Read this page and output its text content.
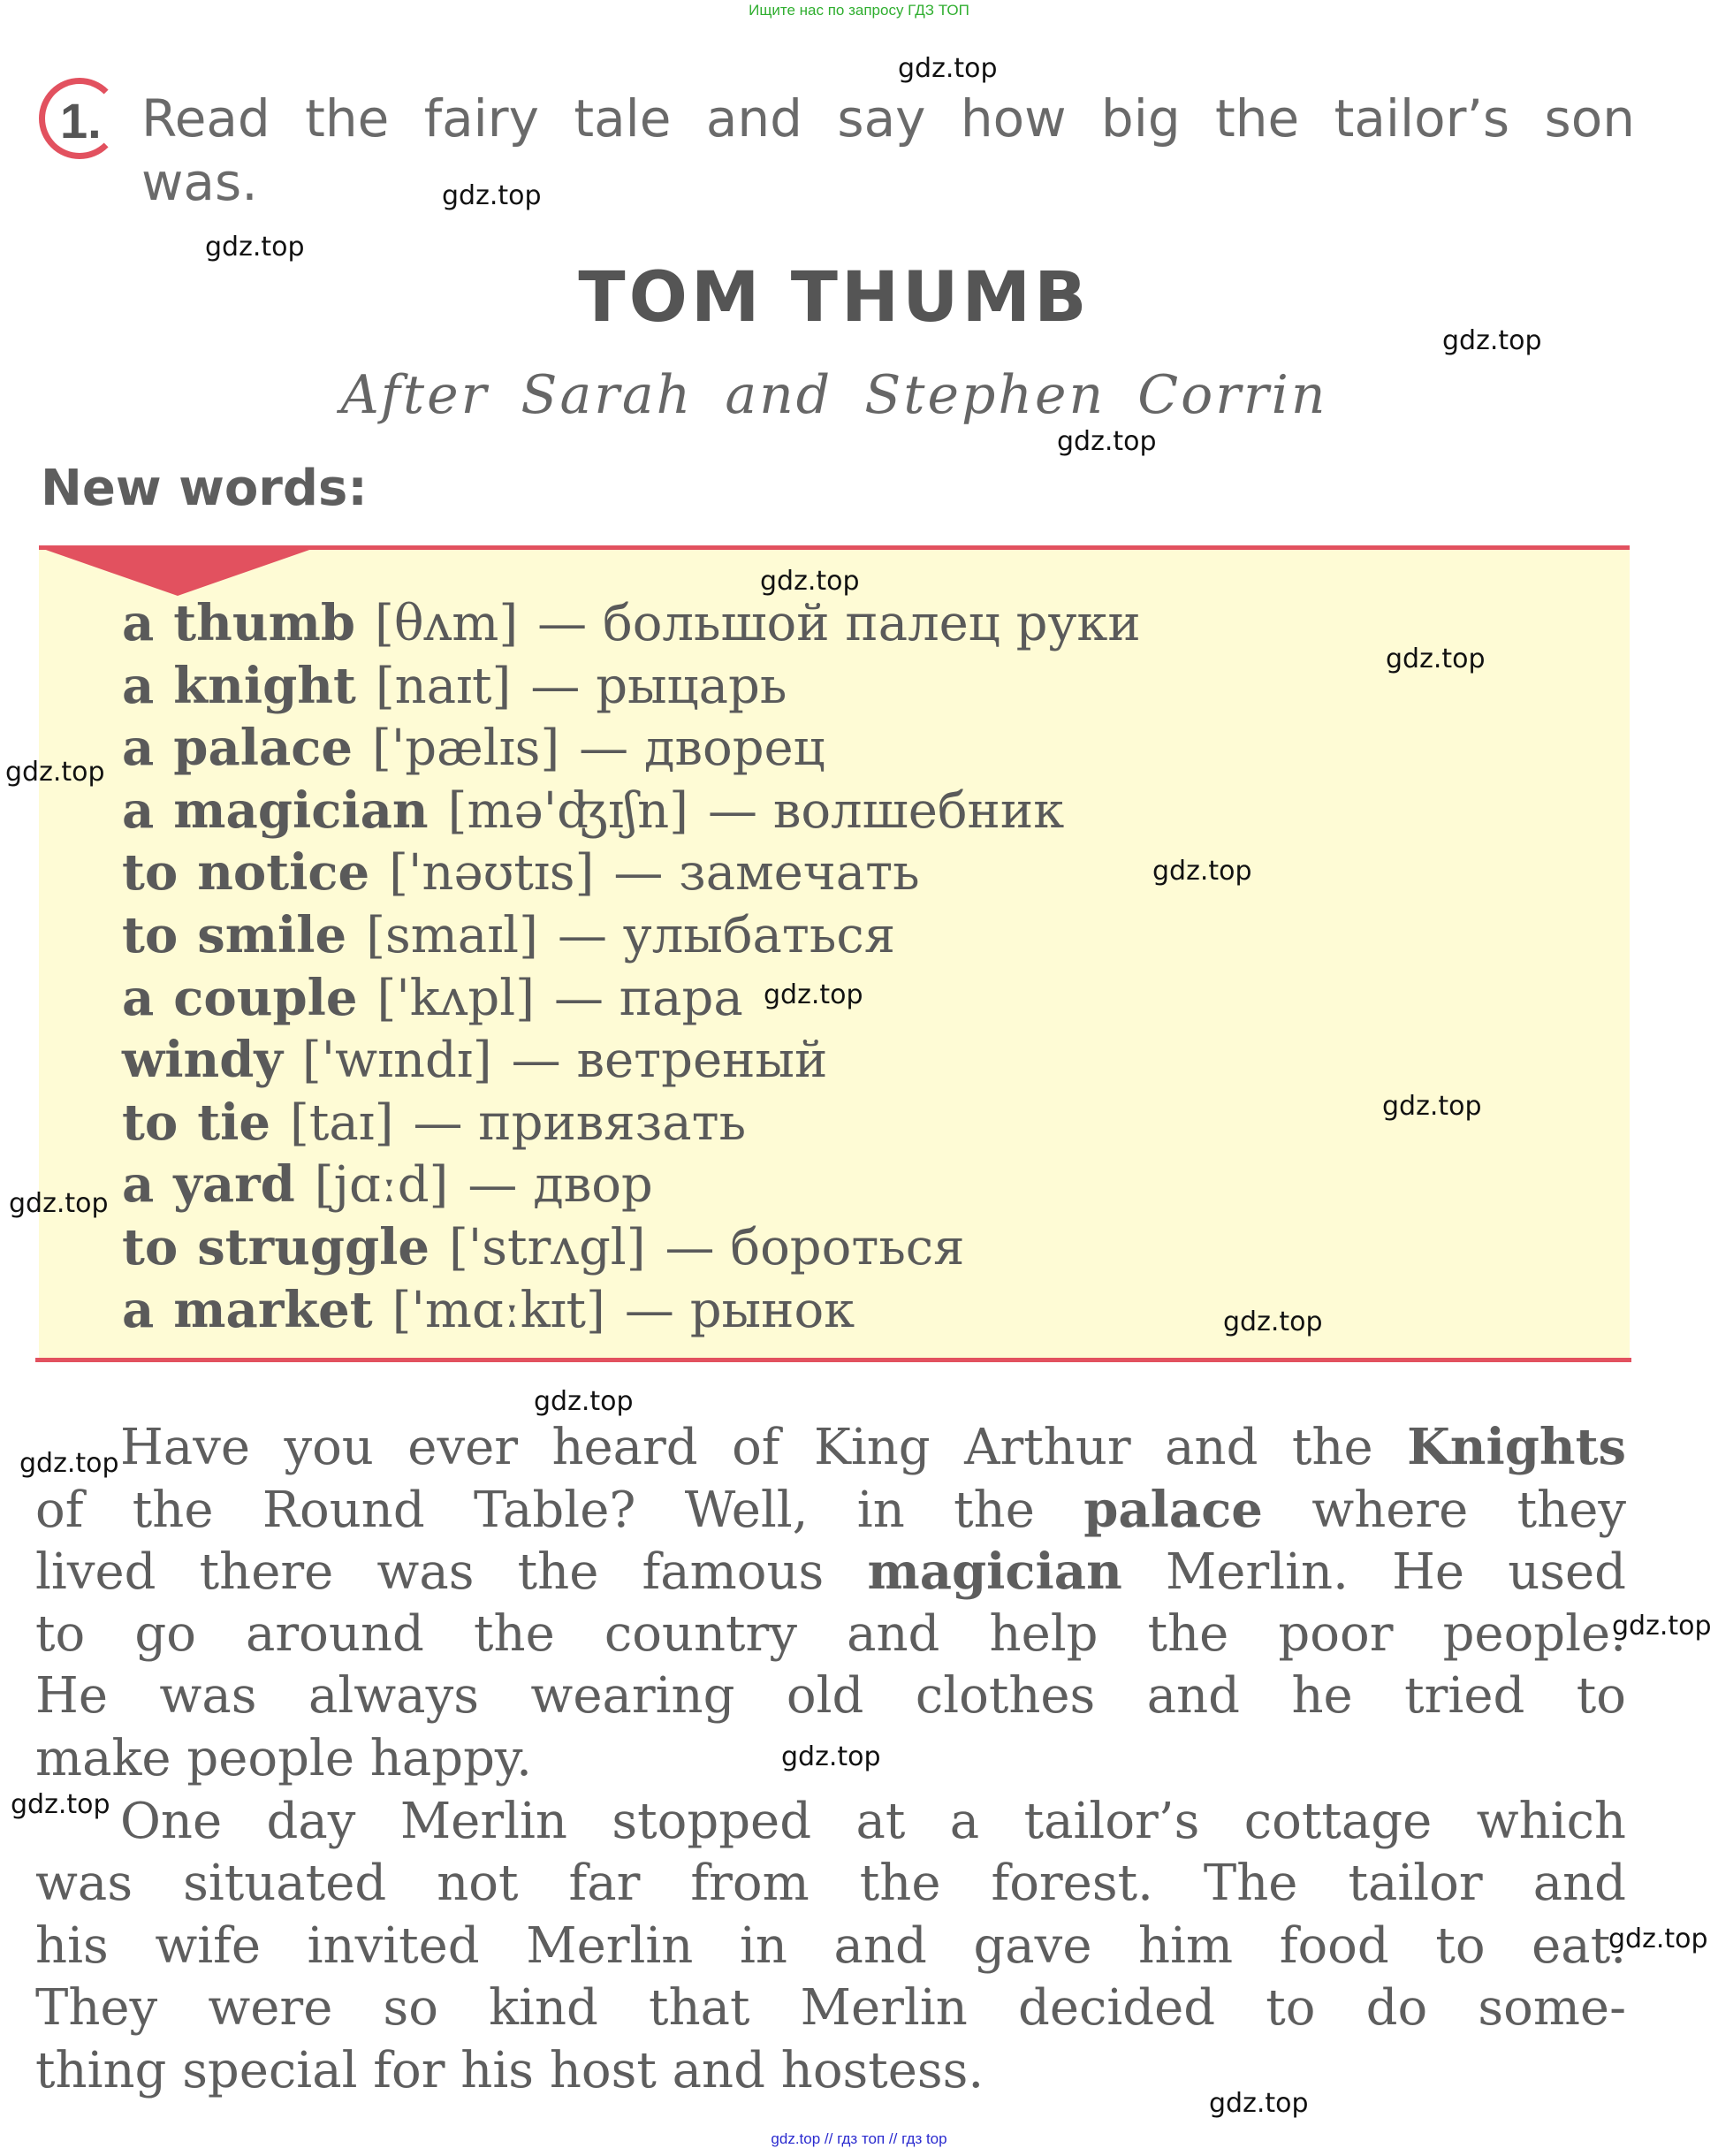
Ищите нас по запросу ГДЗ ТОП
1. Read the fairy tale and say how big the tailor’s son
was.
TOM THUMB
After Sarah and Stephen Corrin
New words:
a thumb [θʌm] — большой палец руки
a knight [naɪt] — рыцарь
a palace ['pælɪs] — дворец
a magician [mə'ʤɪʃn] — волшебник
to notice ['nəʊtɪs] — замечать
to smile [smaɪl] — улыбаться
a couple ['kʌpl] — пара
windy ['wɪndɪ] — ветреный
to tie [taɪ] — привязать
a yard [jɑːd] — двор
to struggle ['strʌgl] — бороться
a market ['mɑːkɪt] — рынок
Have you ever heard of King Arthur and the Knights
of the Round Table? Well, in the palace where they
lived there was the famous magician Merlin. He used
to go around the country and help the poor people.
He was always wearing old clothes and he tried to
make people happy.
One day Merlin stopped at a tailor’s cottage which
was situated not far from the forest. The tailor and
his wife invited Merlin in and gave him food to eat.
They were so kind that Merlin decided to do some-
thing special for his host and hostess.
gdz.top // гдз топ // гдз top
gdz.top
gdz.top
gdz.top
gdz.top
gdz.top
gdz.top
gdz.top
gdz.top
gdz.top
gdz.top
gdz.top
gdz.top
gdz.top
gdz.top
gdz.top
gdz.top
gdz.top
gdz.top
gdz.top
gdz.top
